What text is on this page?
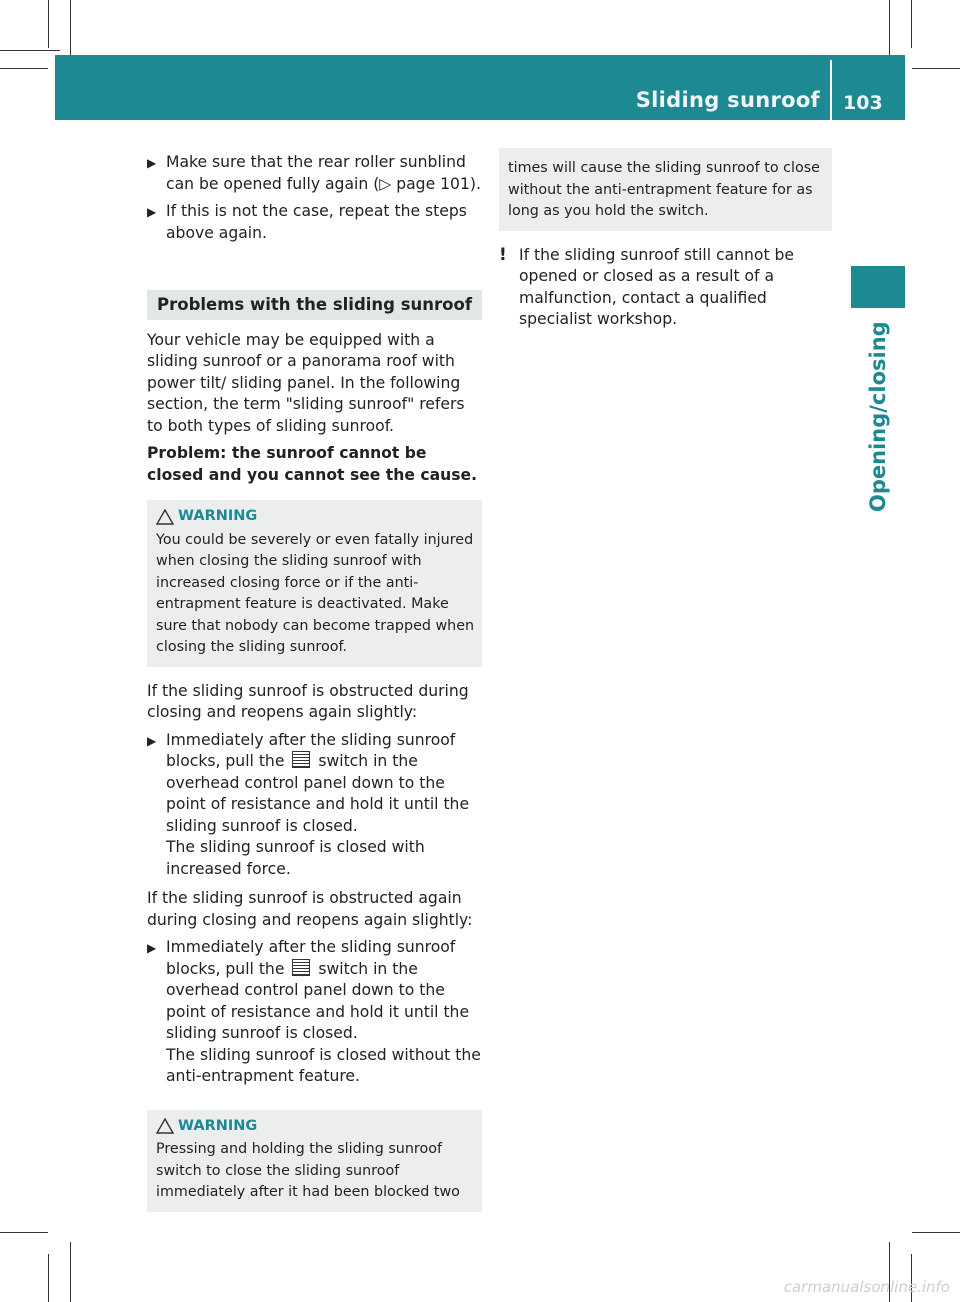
Sliding sunroof 103
Opening/closing
▶ Make sure that the rear roller sunblind can be opened fully again (▷ page 101).
▶ If this is not the case, repeat the steps above again.
Problems with the sliding sunroof

Your vehicle may be equipped with a sliding sunroof or a panorama roof with power tilt/ sliding panel. In the following section, the term "sliding sunroof" refers to both types of sliding sunroof.

Problem: the sunroof cannot be closed and you cannot see the cause.

WARNING
You could be severely or even fatally injured when closing the sliding sunroof with increased closing force or if the anti-entrapment feature is deactivated. Make sure that nobody can become trapped when closing the sliding sunroof.

If the sliding sunroof is obstructed during closing and reopens again slightly:

▶ Immediately after the sliding sunroof blocks, pull the switch in the overhead control panel down to the point of resistance and hold it until the sliding sunroof is closed.
The sliding sunroof is closed with increased force.

If the sliding sunroof is obstructed again during closing and reopens again slightly:

▶ Immediately after the sliding sunroof blocks, pull the switch in the overhead control panel down to the point of resistance and hold it until the sliding sunroof is closed.
The sliding sunroof is closed without the anti-entrapment feature.
WARNING
Pressing and holding the sliding sunroof switch to close the sliding sunroof immediately after it had been blocked two
times will cause the sliding sunroof to close without the anti-entrapment feature for as long as you hold the switch.
! If the sliding sunroof still cannot be opened or closed as a result of a malfunction, contact a qualified specialist workshop.
carmanualsonline.info
